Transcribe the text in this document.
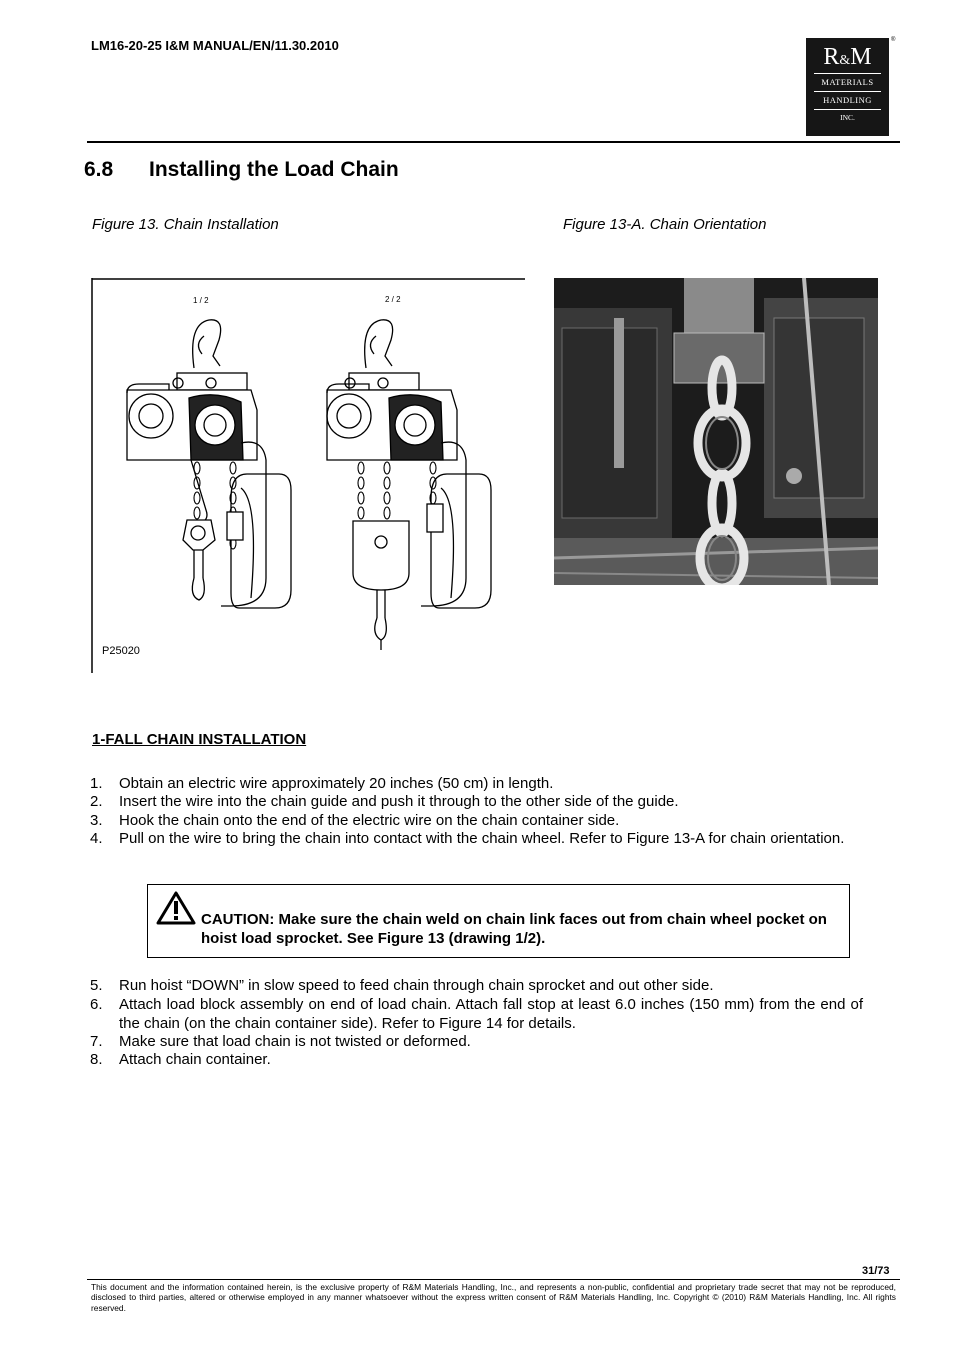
LM16-20-25 I&M MANUAL/EN/11.30.2010	R&M
MATERIALS
HANDLING
INC.
®
6.8 Installing the Load Chain
Figure 13. Chain Installation	Figure 13-A. Chain Orientation
1 / 2	2 / 2
P25020
1-FALL CHAIN INSTALLATION
1. Obtain an electric wire approximately 20 inches (50 cm) in length.
2. Insert the wire into the chain guide and push it through to the other side of the guide.
3. Hook the chain onto the end of the electric wire on the chain container side.
4. Pull on the wire to bring the chain into contact with the chain wheel. Refer to Figure 13-A for chain orientation.
CAUTION: Make sure the chain weld on chain link faces out from chain wheel pocket on hoist load sprocket. See Figure 13 (drawing 1/2).
5. Run hoist “DOWN” in slow speed to feed chain through chain sprocket and out other side.
6. Attach load block assembly on end of load chain. Attach fall stop at least 6.0 inches (150 mm) from the end of the chain (on the chain container side). Refer to Figure 14 for details.
7. Make sure that load chain is not twisted or deformed.
8. Attach chain container.
31/73
This document and the information contained herein, is the exclusive property of R&M Materials Handling, Inc., and represents a non-public, confidential and proprietary trade secret that may not be reproduced, disclosed to third parties, altered or otherwise employed in any manner whatsoever without the express written consent of R&M Materials Handling, Inc. Copyright © (2010) R&M Materials Handling, Inc. All rights reserved.
